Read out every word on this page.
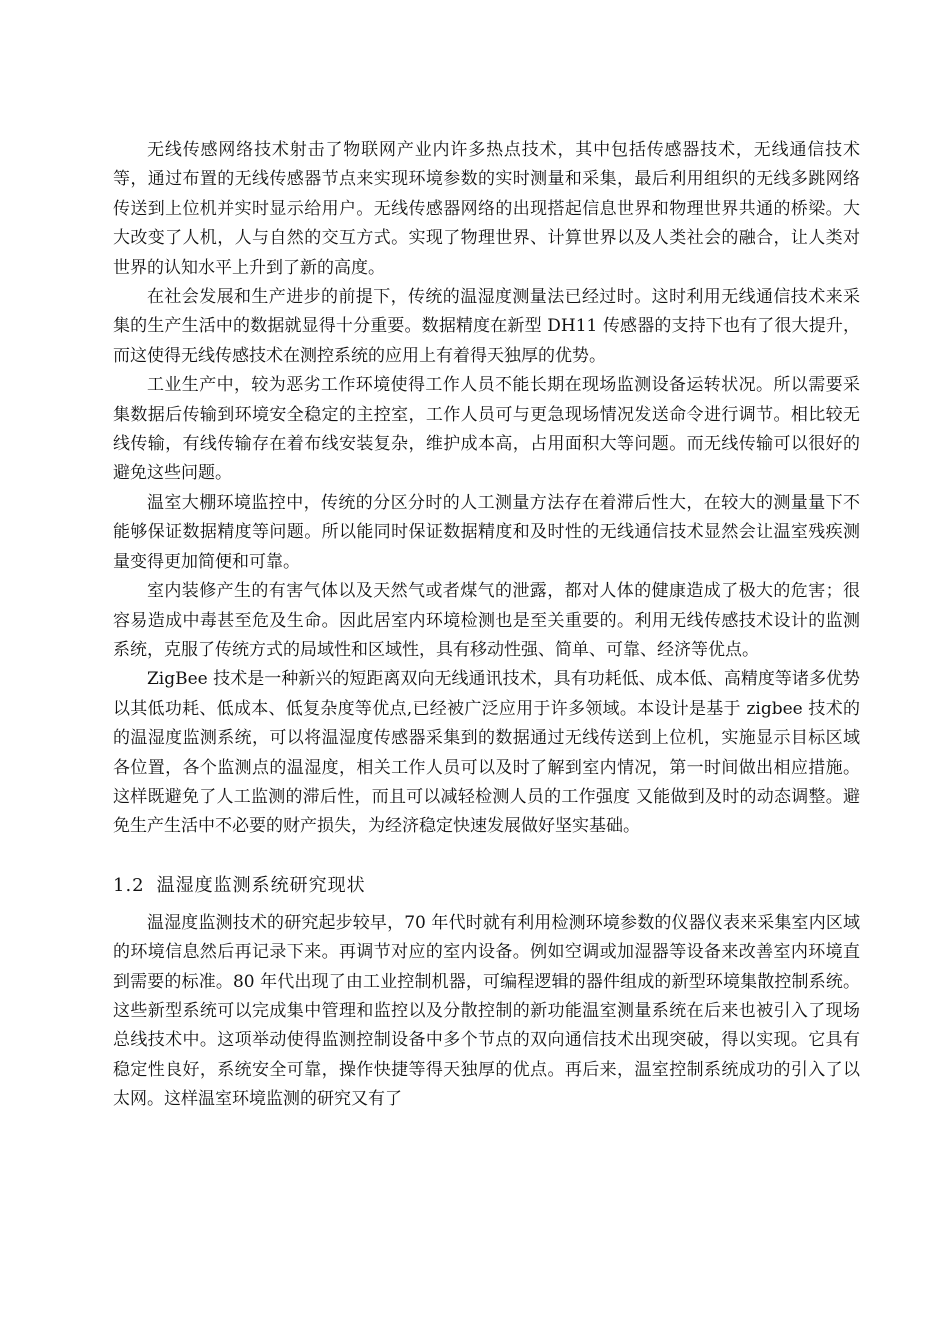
无线传感网络技术射击了物联网产业内许多热点技术，其中包括传感器技术，无线通信技术等，通过布置的无线传感器节点来实现环境参数的实时测量和采集，最后利用组织的无线多跳网络传送到上位机并实时显示给用户。无线传感器网络的出现搭起信息世界和物理世界共通的桥梁。大大改变了人机，人与自然的交互方式。实现了物理世界、计算世界以及人类社会的融合，让人类对世界的认知水平上升到了新的高度。

在社会发展和生产进步的前提下，传统的温湿度测量法已经过时。这时利用无线通信技术来采集的生产生活中的数据就显得十分重要。数据精度在新型 DH11 传感器的支持下也有了很大提升，而这使得无线传感技术在测控系统的应用上有着得天独厚的优势。

工业生产中，较为恶劣工作环境使得工作人员不能长期在现场监测设备运转状况。所以需要采集数据后传输到环境安全稳定的主控室，工作人员可与更急现场情况发送命令进行调节。相比较无线传输，有线传输存在着布线安装复杂，维护成本高，占用面积大等问题。而无线传输可以很好的避免这些问题。

温室大棚环境监控中，传统的分区分时的人工测量方法存在着滞后性大，在较大的测量量下不能够保证数据精度等问题。所以能同时保证数据精度和及时性的无线通信技术显然会让温室残疾测量变得更加简便和可靠。

室内装修产生的有害气体以及天然气或者煤气的泄露，都对人体的健康造成了极大的危害；很容易造成中毒甚至危及生命。因此居室内环境检测也是至关重要的。利用无线传感技术设计的监测系统，克服了传统方式的局域性和区域性，具有移动性强、简单、可靠、经济等优点。

ZigBee 技术是一种新兴的短距离双向无线通讯技术，具有功耗低、成本低、高精度等诸多优势以其低功耗、低成本、低复杂度等优点,已经被广泛应用于许多领域。本设计是基于 zigbee 技术的的温湿度监测系统，可以将温湿度传感器采集到的数据通过无线传送到上位机，实施显示目标区域各位置，各个监测点的温湿度，相关工作人员可以及时了解到室内情况，第一时间做出相应措施。这样既避免了人工监测的滞后性，而且可以减轻检测人员的工作强度 又能做到及时的动态调整。避免生产生活中不必要的财产损失，为经济稳定快速发展做好坚实基础。

1.2 温湿度监测系统研究现状

温湿度监测技术的研究起步较早，70 年代时就有利用检测环境参数的仪器仪表来采集室内区域的环境信息然后再记录下来。再调节对应的室内设备。例如空调或加湿器等设备来改善室内环境直到需要的标准。80 年代出现了由工业控制机器，可编程逻辑的器件组成的新型环境集散控制系统。这些新型系统可以完成集中管理和监控以及分散控制的新功能温室测量系统在后来也被引入了现场总线技术中。这项举动使得监测控制设备中多个节点的双向通信技术出现突破，得以实现。它具有稳定性良好，系统安全可靠，操作快捷等得天独厚的优点。再后来，温室控制系统成功的引入了以太网。这样温室环境监测的研究又有了
